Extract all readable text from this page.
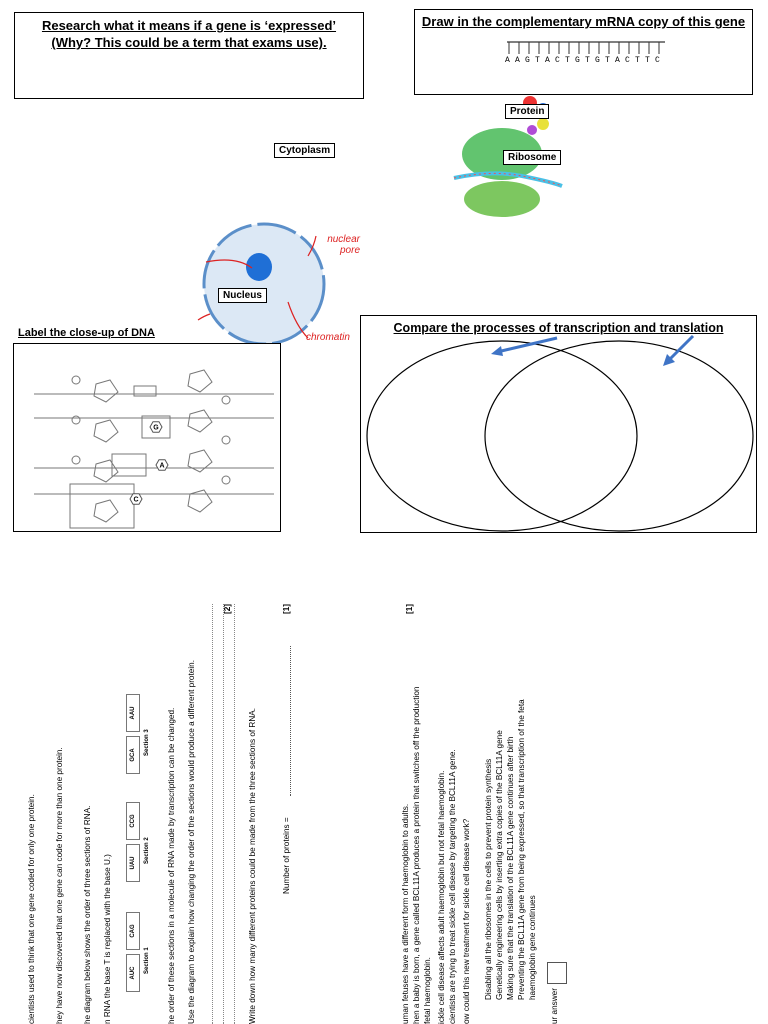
Research what it means if a gene is ‘expressed’
(Why? This could be a term that exams use).
Draw in the complementary mRNA copy of this gene
A A G T A C T G T G T A C T T C
Cytoplasm
nuclear pore
chromatin
Nucleus
Protein
Ribosome
Label the close-up of DNA
G
A
C
Compare the processes of transcription and translation
cientists used to think that one gene coded for only one protein.	hey have now discovered that one gene can code for more than one protein.	he diagram below shows the order of three sections of RNA.	n RNA the base T is replaced with the base U.)	AUC
CAG
Section 1
UAU
CCG
Section 2
GCA
AAU
Section 3	he order of these sections in a molecule of RNA made by transcription can be changed.	Use the diagram to explain how changing the order of the sections would produce a different protein.
[2]
Write down how many different proteins could be made from the three sections of RNA.	Number of proteins =
[1]
uman fetuses have a different form of haemoglobin to adults. hen a baby is born, a gene called BCL11A produces a protein that switches off the production fetal haemoglobin. ickle cell disease affects adult haemoglobin but not fetal haemoglobin. cientists are trying to treat sickle cell disease by targeting the BCL11A gene. ow could this new treatment for sickle cell disease work?	Disabling all the ribosomes in the cells to prevent protein synthesis Genetically engineering cells by inserting extra copies of the BCL11A gene Making sure that the translation of the BCL11A gene continues after birth Preventing the BCL11A gene from being expressed, so that transcription of the feta haemoglobin gene continues
ur answer
[1]
